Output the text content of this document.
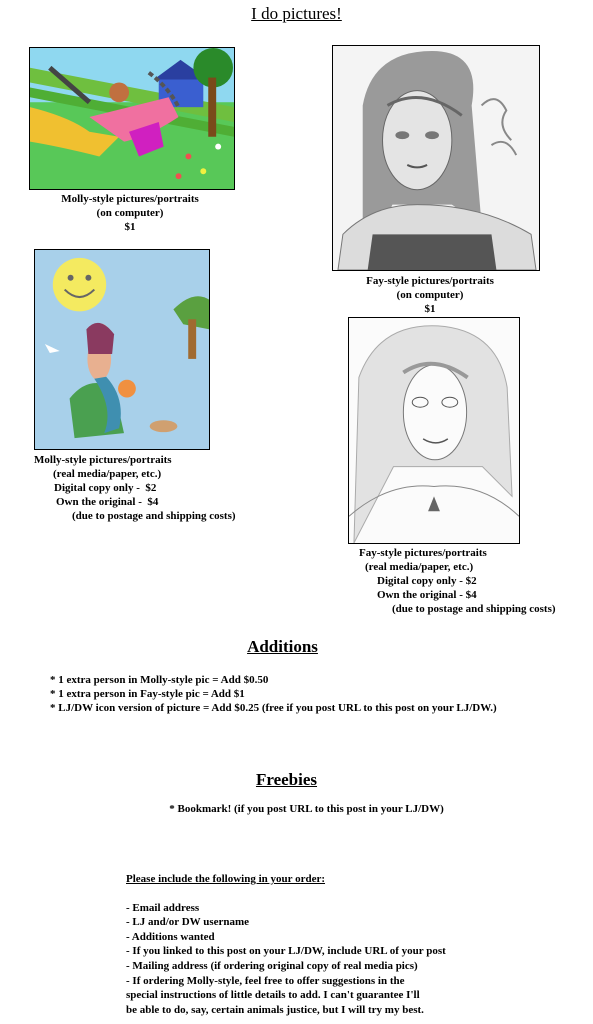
I do pictures!
Molly-style pictures/portraits
(on computer)
$1
Fay-style pictures/portraits
(on computer)
$1
Molly-style pictures/portraits
(real media/paper, etc.)
Digital copy only -  $2
Own the original -  $4
(due to postage and shipping costs)
Fay-style pictures/portraits
(real media/paper, etc.)
Digital copy only - $2
Own the original - $4
(due to postage and shipping costs)
Additions
* 1 extra person in Molly-style pic = Add $0.50
* 1 extra person in Fay-style pic = Add $1
* LJ/DW icon version of picture = Add $0.25 (free if you post URL to this post on your LJ/DW.)
Freebies
* Bookmark! (if you post URL to this post in your LJ/DW)
Please include the following in your order:
- Email address
- LJ and/or DW username
- Additions wanted
- If you linked to this post on your LJ/DW, include URL of your post
- Mailing address (if ordering original copy of real media pics)
- If ordering Molly-style, feel free to offer suggestions in the
special instructions of little details to add. I can't guarantee I'll
be able to do, say, certain animals justice, but I will try my best.
